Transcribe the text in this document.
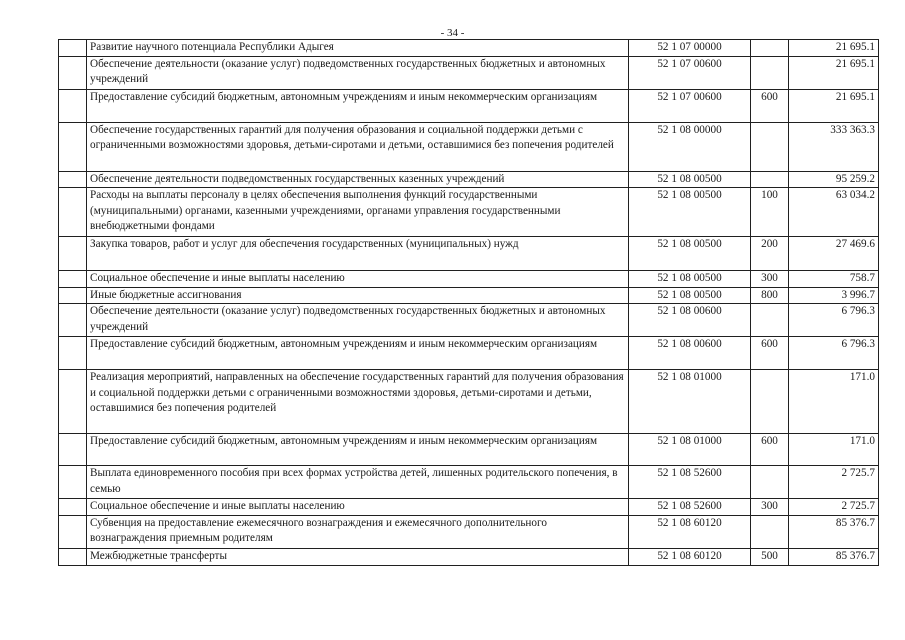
- 34 -
	Развитие научного потенциала Республики Адыгея	52 1 07 00000		21 695.1
	Обеспечение деятельности (оказание услуг) подведомственных государственных бюджетных и автономных учреждений	52 1 07 00600		21 695.1
	Предоставление субсидий бюджетным, автономным учреждениям и иным некоммерческим организациям	52 1 07 00600	600	21 695.1
	Обеспечение государственных гарантий для получения образования и социальной поддержки детьми с ограниченными возможностями здоровья, детьми-сиротами и детьми, оставшимися без попечения родителей	52 1 08 00000		333 363.3
	Обеспечение деятельности подведомственных государственных казенных учреждений	52 1 08 00500		95 259.2
	Расходы на выплаты персоналу в целях обеспечения выполнения функций государственными (муниципальными) органами, казенными учреждениями, органами управления государственными внебюджетными фондами	52 1 08 00500	100	63 034.2
	Закупка товаров, работ и услуг для обеспечения государственных (муниципальных) нужд	52 1 08 00500	200	27 469.6
	Социальное обеспечение и иные выплаты населению	52 1 08 00500	300	758.7
	Иные бюджетные ассигнования	52 1 08 00500	800	3 996.7
	Обеспечение деятельности (оказание услуг) подведомственных государственных бюджетных и автономных учреждений	52 1 08 00600		6 796.3
	Предоставление субсидий бюджетным, автономным учреждениям и иным некоммерческим организациям	52 1 08 00600	600	6 796.3
	Реализация мероприятий, направленных на обеспечение государственных гарантий для получения образования и социальной поддержки детьми с ограниченными возможностями здоровья, детьми-сиротами и детьми, оставшимися без попечения родителей	52 1 08 01000		171.0
	Предоставление субсидий бюджетным, автономным учреждениям и иным некоммерческим организациям	52 1 08 01000	600	171.0
	Выплата единовременного пособия при всех формах устройства детей, лишенных родительского попечения, в семью	52 1 08 52600		2 725.7
	Социальное обеспечение и иные выплаты населению	52 1 08 52600	300	2 725.7
	Субвенция на предоставление ежемесячного вознаграждения и ежемесячного дополнительного вознаграждения приемным родителям	52 1 08 60120		85 376.7
	Межбюджетные трансферты	52 1 08 60120	500	85 376.7
